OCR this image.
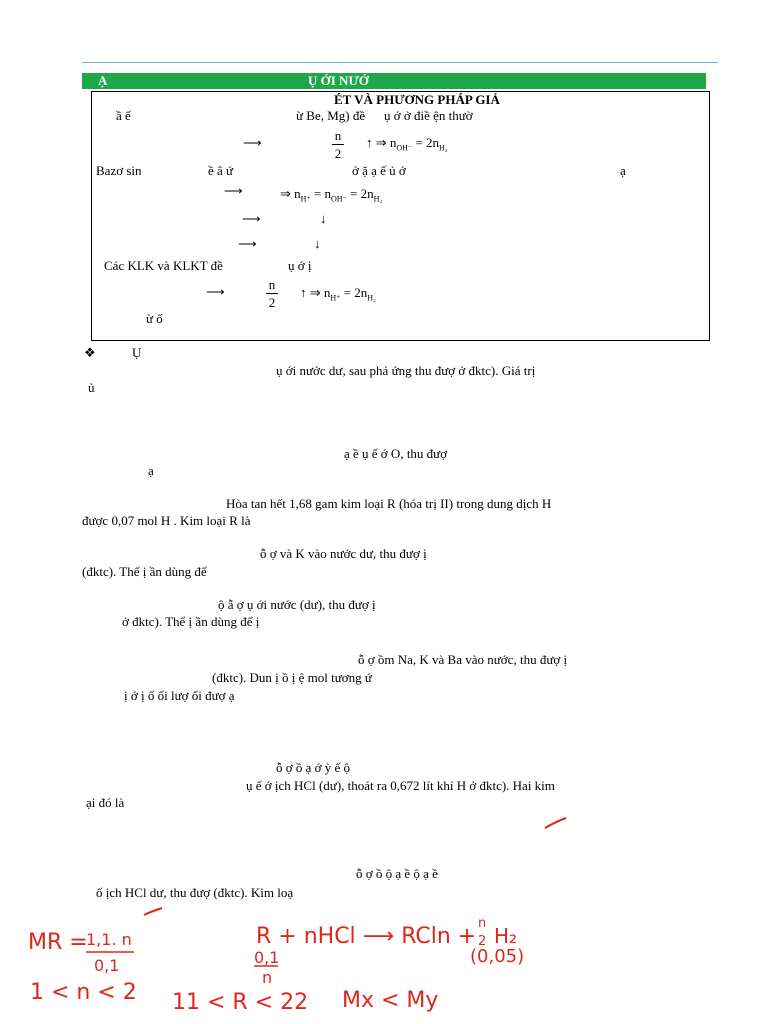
Ạ	Ụ ỚI NƯỚ
ÉT VÀ PHƯƠNG PHÁP GIẢ
ầ ế	ừ Be, Mg) đề ụ ớ ở điề ện thườ
⟶	n
2
↑ ⇒ $n_{OH^-} = 2n_{H_2}$
Bazơ sin	ề â ứ	ở ặ ạ ế ủ ớ	ạ
⟶	⇒ $n_{H^+} = n_{OH^-} = 2n_{H_2}$
⟶	↓
⟶	↓
Các KLK và KLKT đề	ụ ớ ị
⟶	n
2
↑ ⇒ $n_{H^+} = 2n_{H_2}$
ừ ố
❖	Ụ
ụ ới nước dư, sau phả ứng thu đượ ở đktc). Giá trị
ủ
ạ ề ụ ế ớ O, thu đượ
ạ
Hòa tan hết 1,68 gam kim loại R (hóa trị II) trong dung dịch H
được 0,07 mol H . Kim loại R là
ỗ ợ và K vào nước dư, thu đượ ị
(đktc). Thể ị ần dùng để
ộ ẫ ợ ụ ới nước (dư), thu đượ ị
ở đktc). Thể ị ần dùng để ị
ỗ ợ ồm Na, K và Ba vào nước, thu đượ ị
(đktc). Dun ị ồ ị ệ mol tương ứ
ị ớ ị ố ối lượ ối đượ ạ
ỗ ợ ồ ạ ớ ỳ ế ộ
ụ ế ớ ịch HCl (dư), thoát ra 0,672 lít khí H ở đktc). Hai kim
ại đó là
ỗ ợ ồ ộ ạ ề ộ ạ ề
ố ịch HCl dư, thu đượ (đktc). Kim loạ
MR =
1,1. n
0,1
1 < n < 2
R + nHCl ⟶ RCln +
n
2 H₂
(0,05)
0,1
n
11 < R < 22 Mx < My
